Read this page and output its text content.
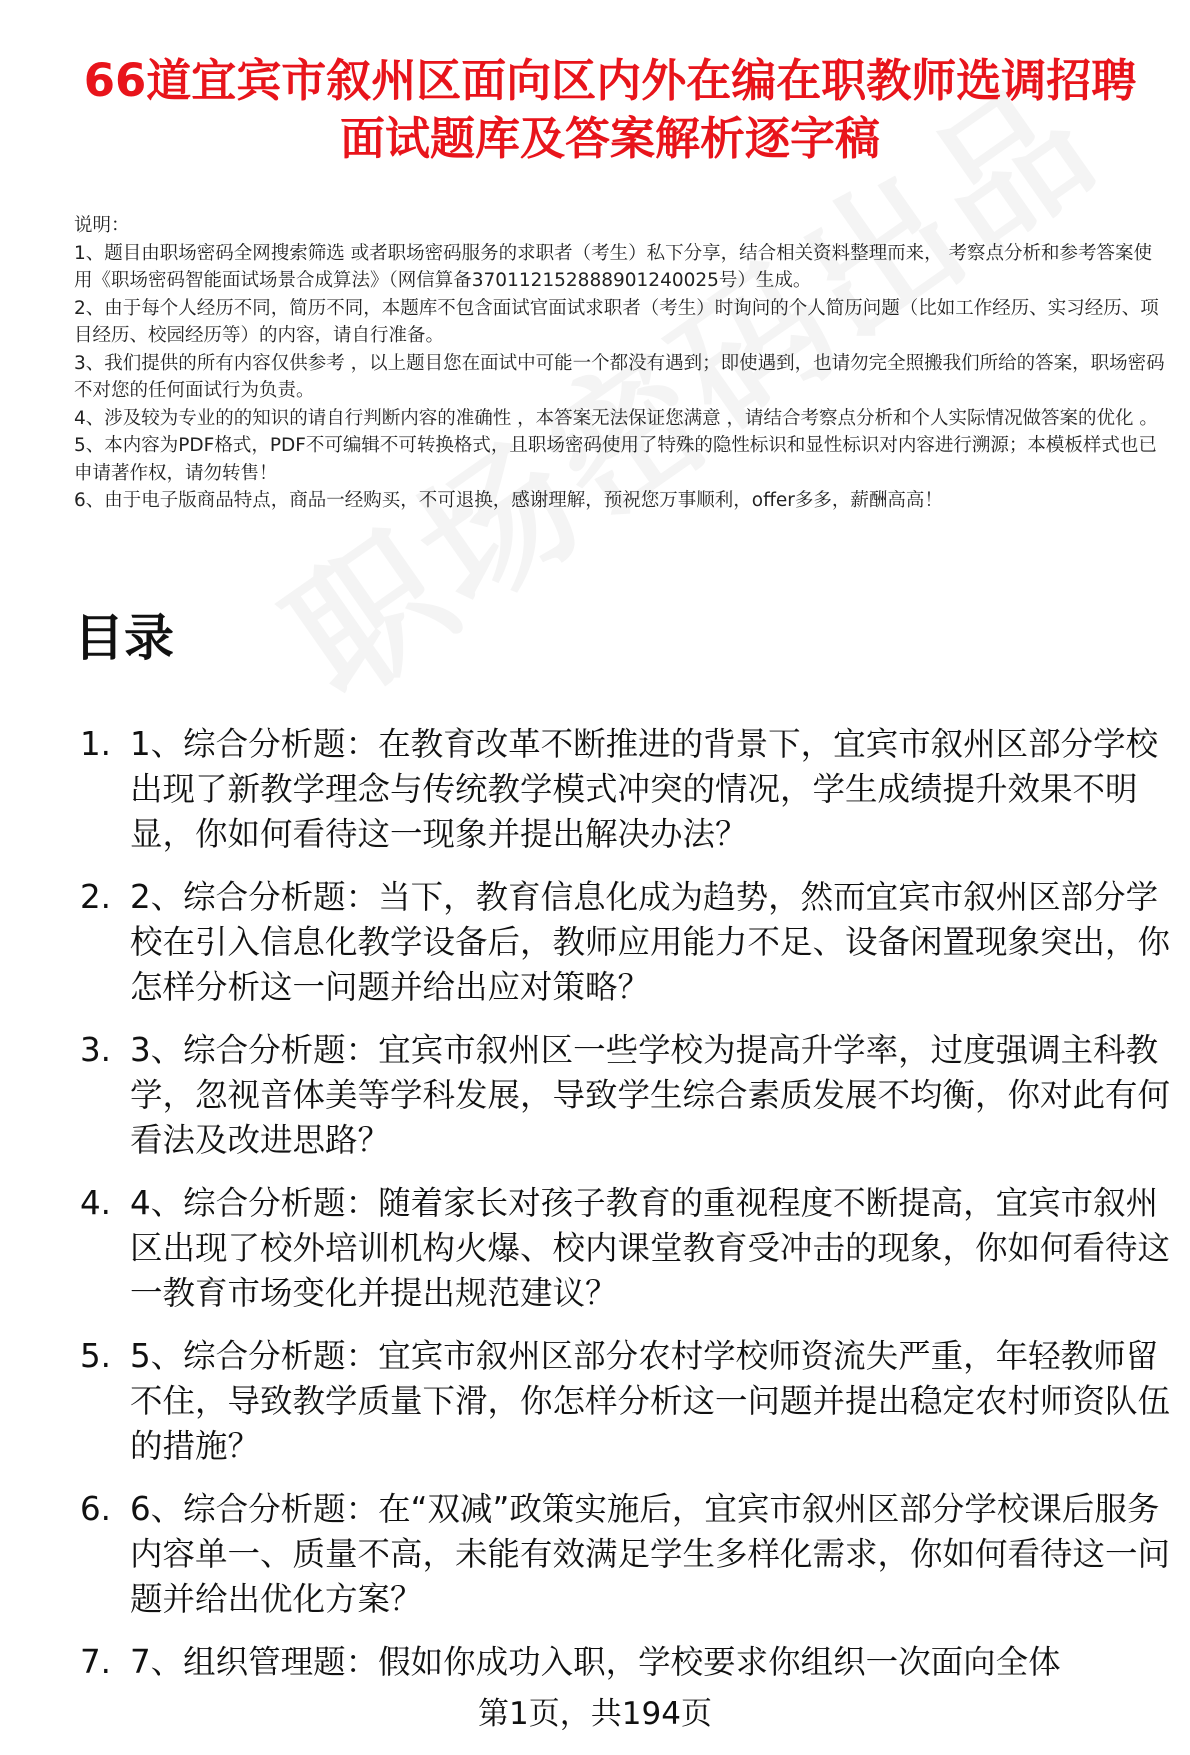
66道宜宾市叙州区面向区内外在编在职教师选调招聘面试题库及答案解析逐字稿

说明：

1、题目由职场密码全网搜索筛选 或者职场密码服务的求职者（考生）私下分享，结合相关资料整理而来， 考察点分析和参考答案使用《职场密码智能面试场景合成算法》（网信算备370112152888901240025号）生成。

2、由于每个人经历不同，简历不同，本题库不包含面试官面试求职者（考生）时询问的个人简历问题（比如工作经历、实习经历、项目经历、校园经历等）的内容，请自行准备。

3、我们提供的所有内容仅供参考 ，以上题目您在面试中可能一个都没有遇到；即使遇到，也请勿完全照搬我们所给的答案，职场密码不对您的任何面试行为负责。

4、涉及较为专业的的知识的请自行判断内容的准确性 ，本答案无法保证您满意 ，请结合考察点分析和个人实际情况做答案的优化 。

5、本内容为PDF格式，PDF不可编辑不可转换格式，且职场密码使用了特殊的隐性标识和显性标识对内容进行溯源；本模板样式也已申请著作权，请勿转售！

6、由于电子版商品特点，商品一经购买，不可退换，感谢理解，预祝您万事顺利，offer多多，薪酬高高！

目录
1. 1、综合分析题：在教育改革不断推进的背景下，宜宾市叙州区部分学校出现了新教学理念与传统教学模式冲突的情况，学生成绩提升效果不明显，你如何看待这一现象并提出解决办法？
2. 2、综合分析题：当下，教育信息化成为趋势，然而宜宾市叙州区部分学校在引入信息化教学设备后，教师应用能力不足、设备闲置现象突出，你怎样分析这一问题并给出应对策略？
3. 3、综合分析题：宜宾市叙州区一些学校为提高升学率，过度强调主科教学，忽视音体美等学科发展，导致学生综合素质发展不均衡，你对此有何看法及改进思路？
4. 4、综合分析题：随着家长对孩子教育的重视程度不断提高，宜宾市叙州区出现了校外培训机构火爆、校内课堂教育受冲击的现象，你如何看待这一教育市场变化并提出规范建议？
5. 5、综合分析题：宜宾市叙州区部分农村学校师资流失严重，年轻教师留不住，导致教学质量下滑，你怎样分析这一问题并提出稳定农村师资队伍的措施？
6. 6、综合分析题：在“双减”政策实施后，宜宾市叙州区部分学校课后服务内容单一、质量不高，未能有效满足学生多样化需求，你如何看待这一问题并给出优化方案？
7. 7、组织管理题：假如你成功入职，学校要求你组织一次面向全体
第1页，共194页
